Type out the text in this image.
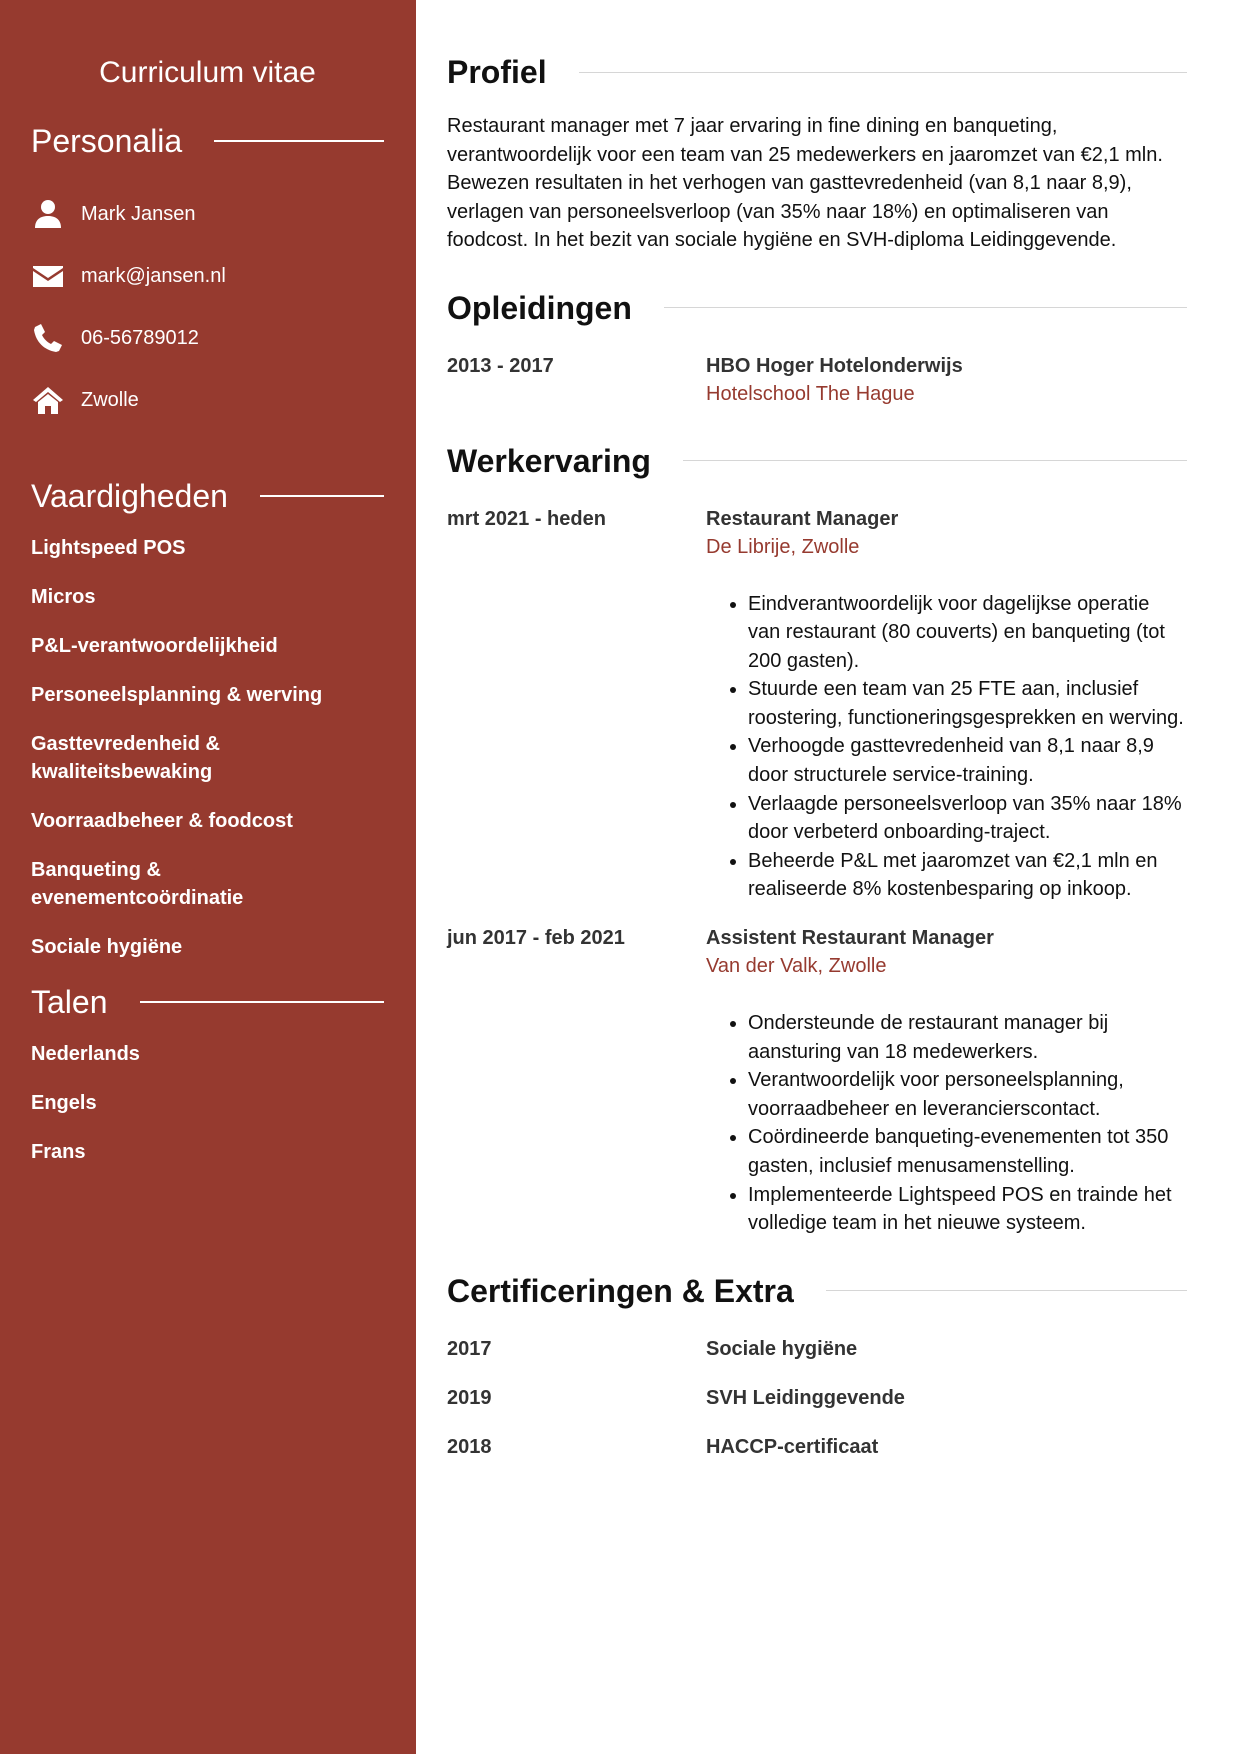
Curriculum vitae
Personalia
Mark Jansen
mark@jansen.nl
06-56789012
Zwolle
Vaardigheden
Lightspeed POS
Micros
P&L-verantwoordelijkheid
Personeelsplanning & werving
Gasttevredenheid & kwaliteitsbewaking
Voorraadbeheer & foodcost
Banqueting & evenementcoördinatie
Sociale hygiëne
Talen
Nederlands
Engels
Frans
Profiel

Restaurant manager met 7 jaar ervaring in fine dining en banqueting, verantwoordelijk voor een team van 25 medewerkers en jaaromzet van €2,1 mln. Bewezen resultaten in het verhogen van gasttevredenheid (van 8,1 naar 8,9), verlagen van personeelsverloop (van 35% naar 18%) en optimaliseren van foodcost. In het bezit van sociale hygiëne en SVH-diploma Leidinggevende.

Opleidingen
2013 - 2017	HBO Hoger Hotelonderwijs
Hotelschool The Hague
Werkervaring
mrt 2021 - heden	Restaurant Manager
De Librije, Zwolle
• Eindverantwoordelijk voor dagelijkse operatie van restaurant (80 couverts) en banqueting (tot 200 gasten).
• Stuurde een team van 25 FTE aan, inclusief roostering, functioneringsgesprekken en werving.
• Verhoogde gasttevredenheid van 8,1 naar 8,9 door structurele service-training.
• Verlaagde personeelsverloop van 35% naar 18% door verbeterd onboarding-traject.
• Beheerde P&L met jaaromzet van €2,1 mln en realiseerde 8% kostenbesparing op inkoop.
jun 2017 - feb 2021	Assistent Restaurant Manager
Van der Valk, Zwolle
• Ondersteunde de restaurant manager bij aansturing van 18 medewerkers.
• Verantwoordelijk voor personeelsplanning, voorraadbeheer en leverancierscontact.
• Coördineerde banqueting-evenementen tot 350 gasten, inclusief menusamenstelling.
• Implementeerde Lightspeed POS en trainde het volledige team in het nieuwe systeem.
Certificeringen & Extra
2017	Sociale hygiëne
2019	SVH Leidinggevende
2018	HACCP-certificaat
